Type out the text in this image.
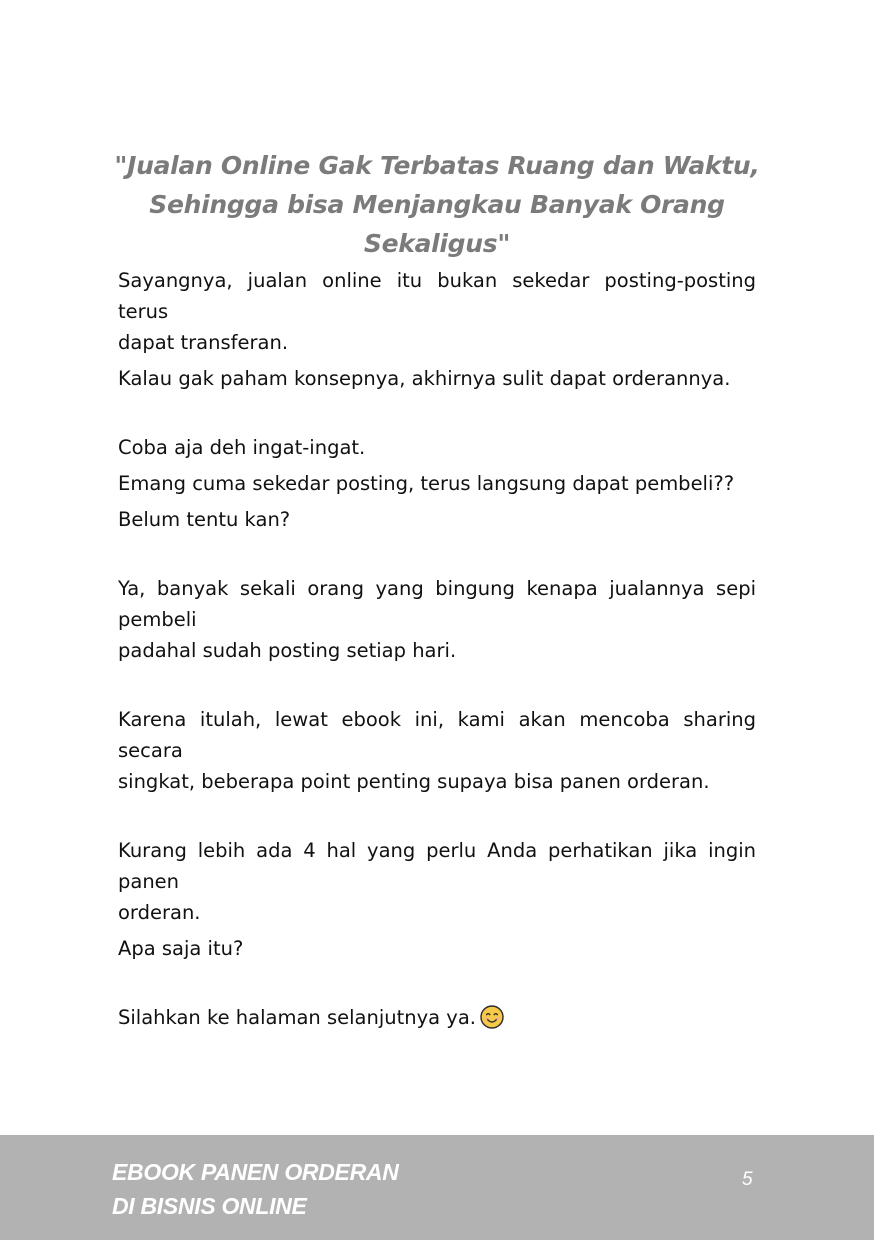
"Jualan Online Gak Terbatas Ruang dan Waktu,
Sehingga bisa Menjangkau Banyak Orang Sekaligus"
Sayangnya, jualan online itu bukan sekedar posting-posting terus
dapat transferan.
Kalau gak paham konsepnya, akhirnya sulit dapat orderannya.
Coba aja deh ingat-ingat.
Emang cuma sekedar posting, terus langsung dapat pembeli??
Belum tentu kan?
Ya, banyak sekali orang yang bingung kenapa jualannya sepi pembeli
padahal sudah posting setiap hari.
Karena itulah, lewat ebook ini, kami akan mencoba sharing secara
singkat, beberapa point penting supaya bisa panen orderan.
Kurang lebih ada 4 hal yang perlu Anda perhatikan jika ingin panen
orderan.
Apa saja itu?
Silahkan ke halaman selanjutnya ya.
EBOOK PANEN ORDERAN
DI BISNIS ONLINE
5
